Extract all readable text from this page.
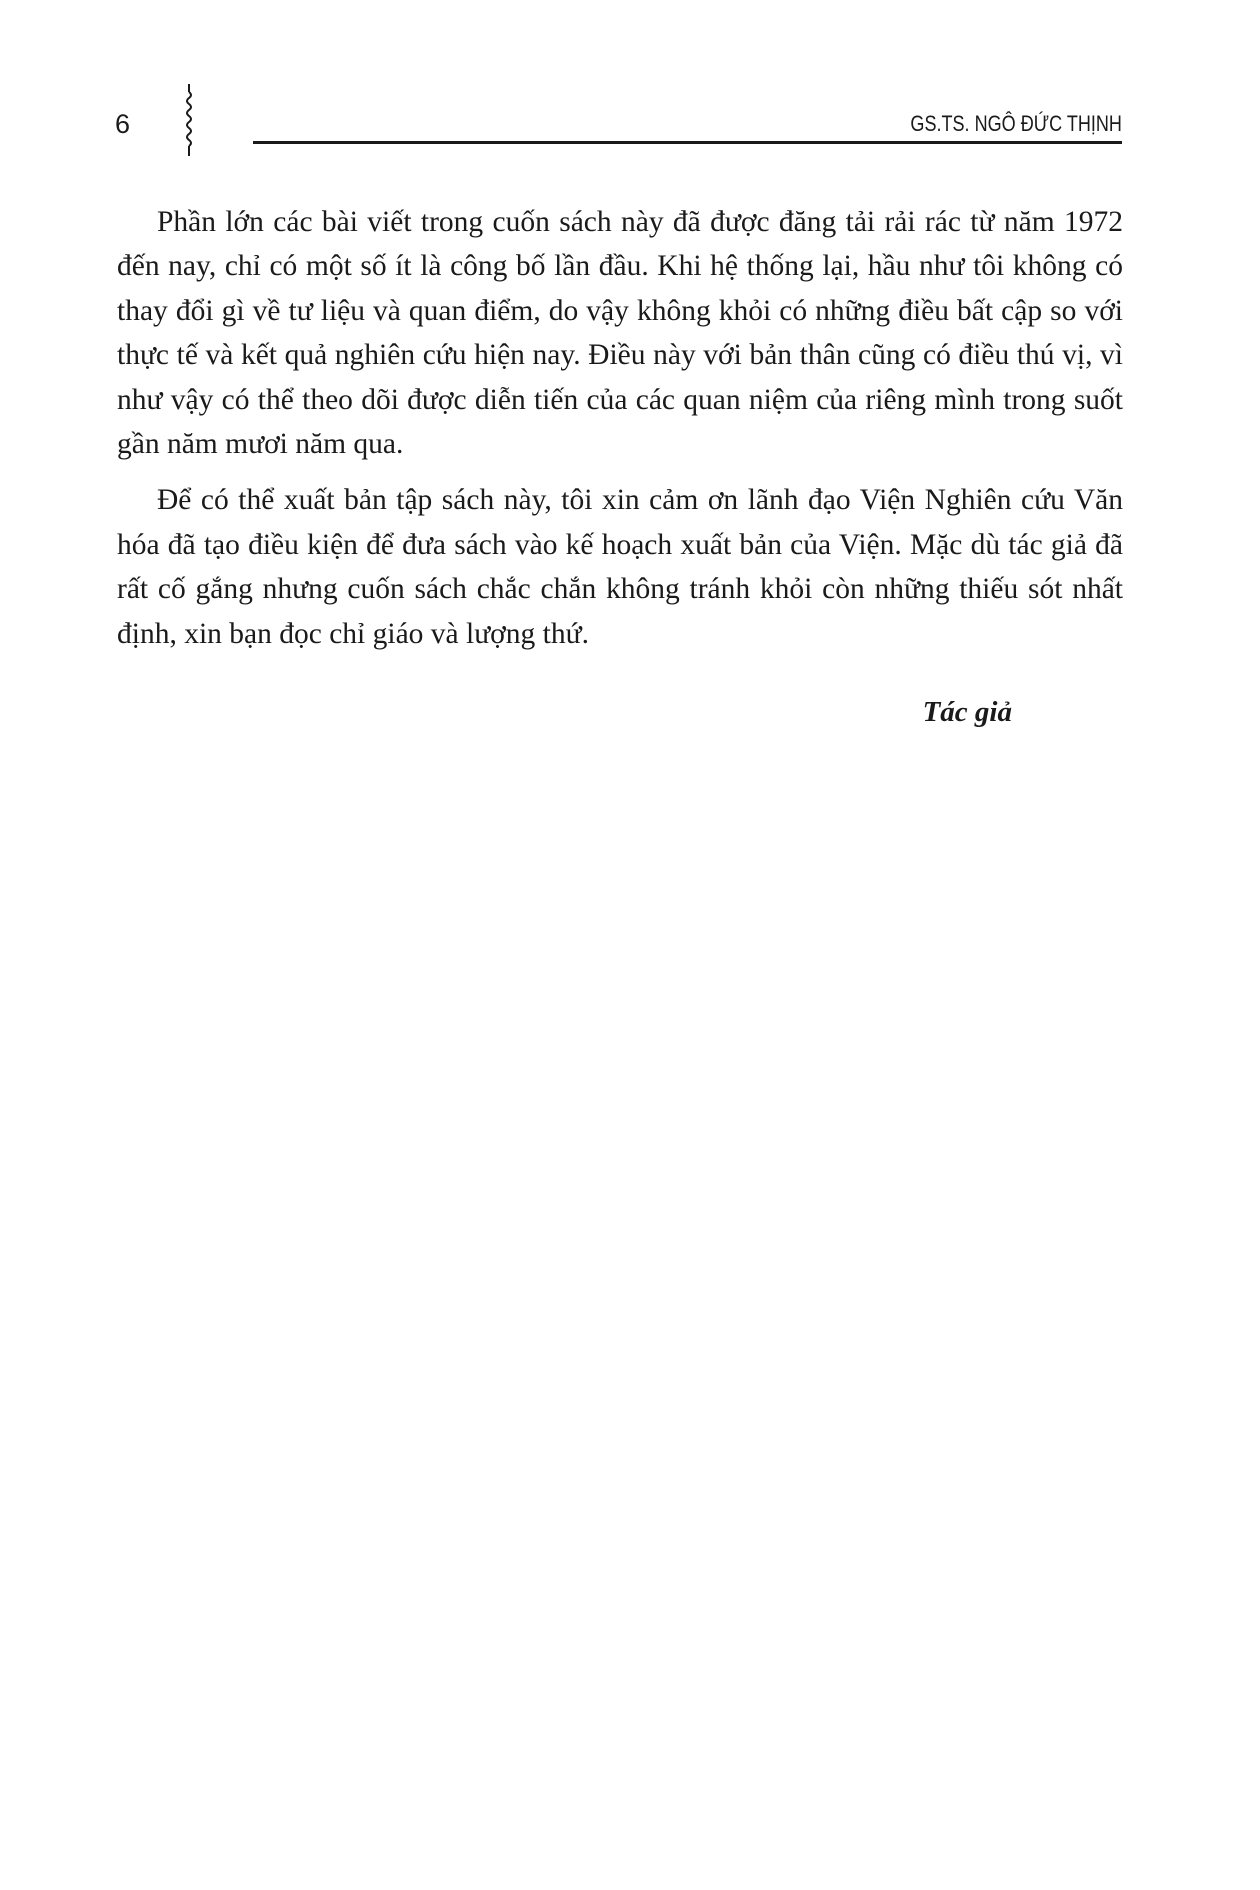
6	GS.TS. NGÔ ĐỨC THỊNH

Phần lớn các bài viết trong cuốn sách này đã được đăng tải rải rác từ năm 1972 đến nay, chỉ có một số ít là công bố lần đầu. Khi hệ thống lại, hầu như tôi không có thay đổi gì về tư liệu và quan điểm, do vậy không khỏi có những điều bất cập so với thực tế và kết quả nghiên cứu hiện nay. Điều này với bản thân cũng có điều thú vị, vì như vậy có thể theo dõi được diễn tiến của các quan niệm của riêng mình trong suốt gần năm mươi năm qua.

Để có thể xuất bản tập sách này, tôi xin cảm ơn lãnh đạo Viện Nghiên cứu Văn hóa đã tạo điều kiện để đưa sách vào kế hoạch xuất bản của Viện. Mặc dù tác giả đã rất cố gắng nhưng cuốn sách chắc chắn không tránh khỏi còn những thiếu sót nhất định, xin bạn đọc chỉ giáo và lượng thứ.

Tác giả
